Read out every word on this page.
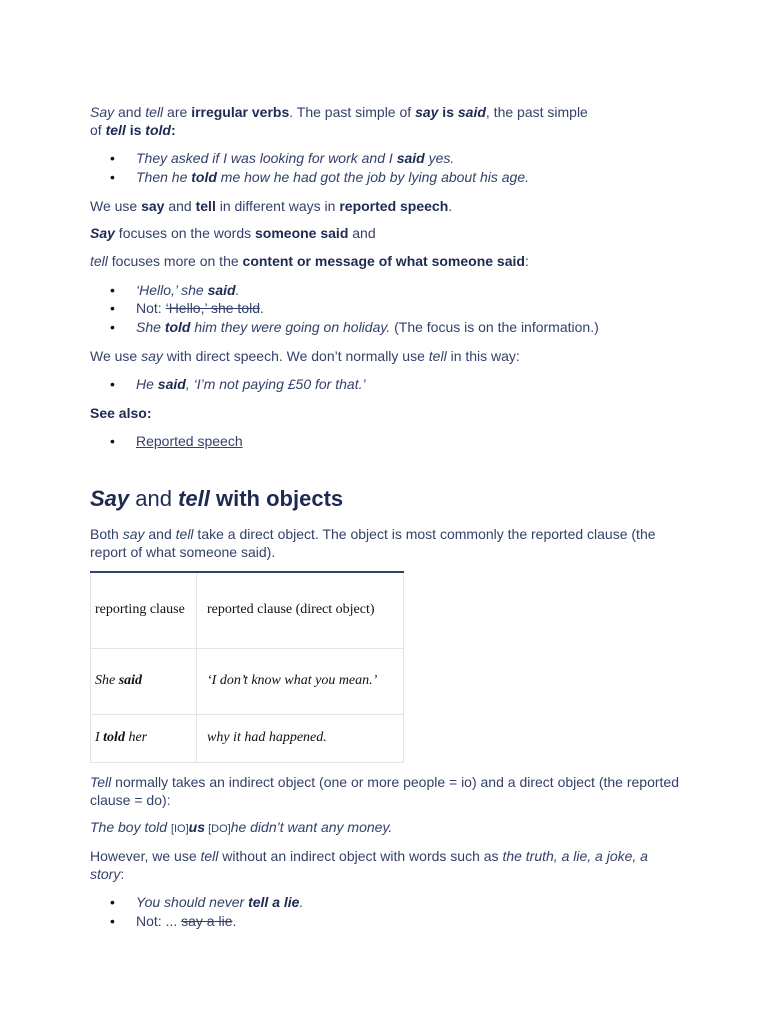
Say and tell are irregular verbs. The past simple of say is said, the past simple
of tell is told:

• They asked if I was looking for work and I said yes.

• Then he told me how he had got the job by lying about his age.

We use say and tell in different ways in reported speech.

Say focuses on the words someone said and

tell focuses more on the content or message of what someone said:

• ‘Hello,’ she said.

• Not: ‘Hello,’ she told.

• She told him they were going on holiday. (The focus is on the information.)

We use say with direct speech. We don’t normally use tell in this way:

• He said, ‘I’m not paying £50 for that.’

See also:

• Reported speech

Say and tell with objects

Both say and tell take a direct object. The object is most commonly the reported clause (the report of what someone said).

reporting clause	reported clause (direct object)
She said	‘I don’t know what you mean.’
I told her	why it had happened.

Tell normally takes an indirect object (one or more people = io) and a direct object (the reported clause = do):

The boy told [IO]us [DO]he didn’t want any money.

However, we use tell without an indirect object with words such as the truth, a lie, a joke, a story:

• You should never tell a lie.

• Not: ... say a lie.
